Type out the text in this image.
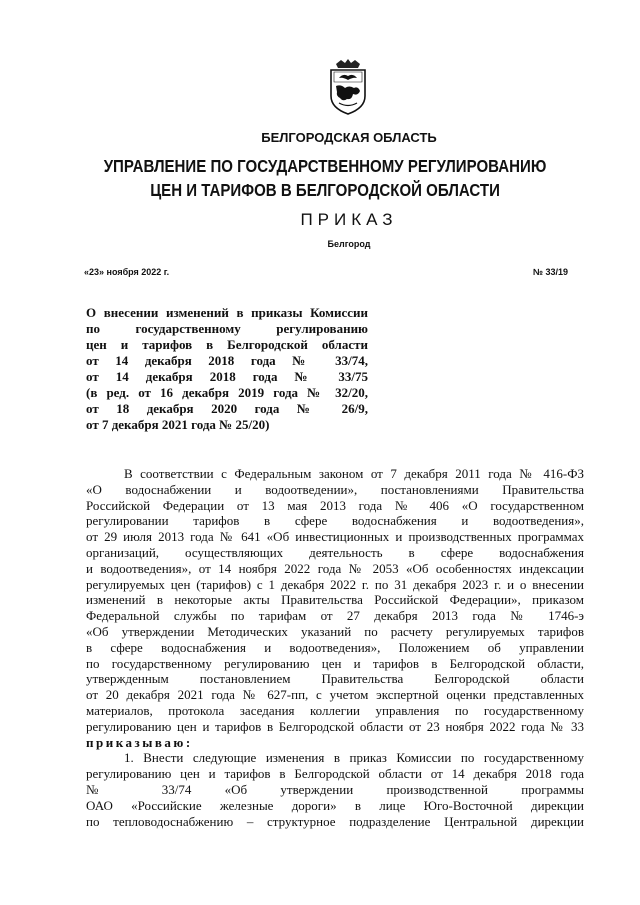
БЕЛГОРОДСКАЯ ОБЛАСТЬ
УПРАВЛЕНИЕ ПО ГОСУДАРСТВЕННОМУ РЕГУЛИРОВАНИЮ
ЦЕН И ТАРИФОВ В БЕЛГОРОДСКОЙ ОБЛАСТИ
ПРИКАЗ
Белгород
«23» ноября 2022 г.	№ 33/19
О внесении изменений в приказы Комиссии
по государственному регулированию
цен и тарифов в Белгородской области
от 14 декабря 2018 года № 33/74,
от 14 декабря 2018 года № 33/75
(в ред. от 16 декабря 2019 года № 32/20,
от 18 декабря 2020 года № 26/9,
от 7 декабря 2021 года № 25/20)
В соответствии с Федеральным законом от 7 декабря 2011 года № 416-ФЗ
«О водоснабжении и водоотведении», постановлениями Правительства
Российской Федерации от 13 мая 2013 года № 406 «О государственном
регулировании тарифов в сфере водоснабжения и водоотведения»,
от 29 июля 2013 года № 641 «Об инвестиционных и производственных программах
организаций, осуществляющих деятельность в сфере водоснабжения
и водоотведения», от 14 ноября 2022 года № 2053 «Об особенностях индексации
регулируемых цен (тарифов) с 1 декабря 2022 г. по 31 декабря 2023 г. и о внесении
изменений в некоторые акты Правительства Российской Федерации», приказом
Федеральной службы по тарифам от 27 декабря 2013 года № 1746-э
«Об утверждении Методических указаний по расчету регулируемых тарифов
в сфере водоснабжения и водоотведения», Положением об управлении
по государственному регулированию цен и тарифов в Белгородской области,
утвержденным постановлением Правительства Белгородской области
от 20 декабря 2021 года № 627-пп, с учетом экспертной оценки представленных
материалов, протокола заседания коллегии управления по государственному
регулированию цен и тарифов в Белгородской области от 23 ноября 2022 года № 33
приказываю:
1. Внести следующие изменения в приказ Комиссии по государственному
регулированию цен и тарифов в Белгородской области от 14 декабря 2018 года
№ 33/74 «Об утверждении производственной программы
ОАО «Российские железные дороги» в лице Юго-Восточной дирекции
по тепловодоснабжению – структурное подразделение Центральной дирекции
